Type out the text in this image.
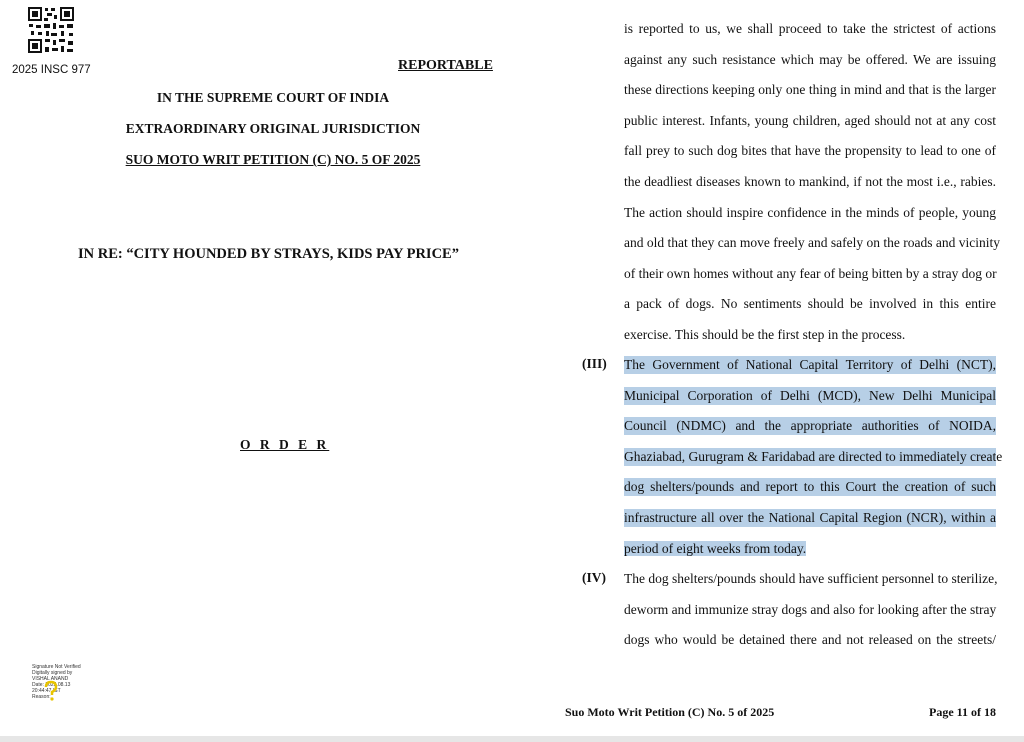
2025 INSC 977	REPORTABLE
IN THE SUPREME COURT OF INDIA
EXTRAORDINARY ORIGINAL JURISDICTION
SUO MOTO WRIT PETITION (C) NO. 5 OF 2025
IN RE: “CITY HOUNDED BY STRAYS, KIDS PAY PRICE”
O R D E R
Signature Not Verified
Digitally signed by
VISHAL ANAND
Date: 2025.08.13
20:44:47 IST
Reason:
is reported to us, we shall proceed to take the strictest of actions
against any such resistance which may be offered. We are issuing
these directions keeping only one thing in mind and that is the larger
public interest. Infants, young children, aged should not at any cost
fall prey to such dog bites that have the propensity to lead to one of
the deadliest diseases known to mankind, if not the most i.e., rabies.
The action should inspire confidence in the minds of people, young
and old that they can move freely and safely on the roads and vicinity
of their own homes without any fear of being bitten by a stray dog or
a pack of dogs. No sentiments should be involved in this entire
exercise. This should be the first step in the process.
(III) The Government of National Capital Territory of Delhi (NCT),
Municipal Corporation of Delhi (MCD), New Delhi Municipal
Council (NDMC) and the appropriate authorities of NOIDA,
Ghaziabad, Gurugram & Faridabad are directed to immediately create
dog shelters/pounds and report to this Court the creation of such
infrastructure all over the National Capital Region (NCR), within a
period of eight weeks from today.
(IV) The dog shelters/pounds should have sufficient personnel to sterilize,
deworm and immunize stray dogs and also for looking after the stray
dogs who would be detained there and not released on the streets/
Suo Moto Writ Petition (C) No. 5 of 2025	Page 11 of 18
